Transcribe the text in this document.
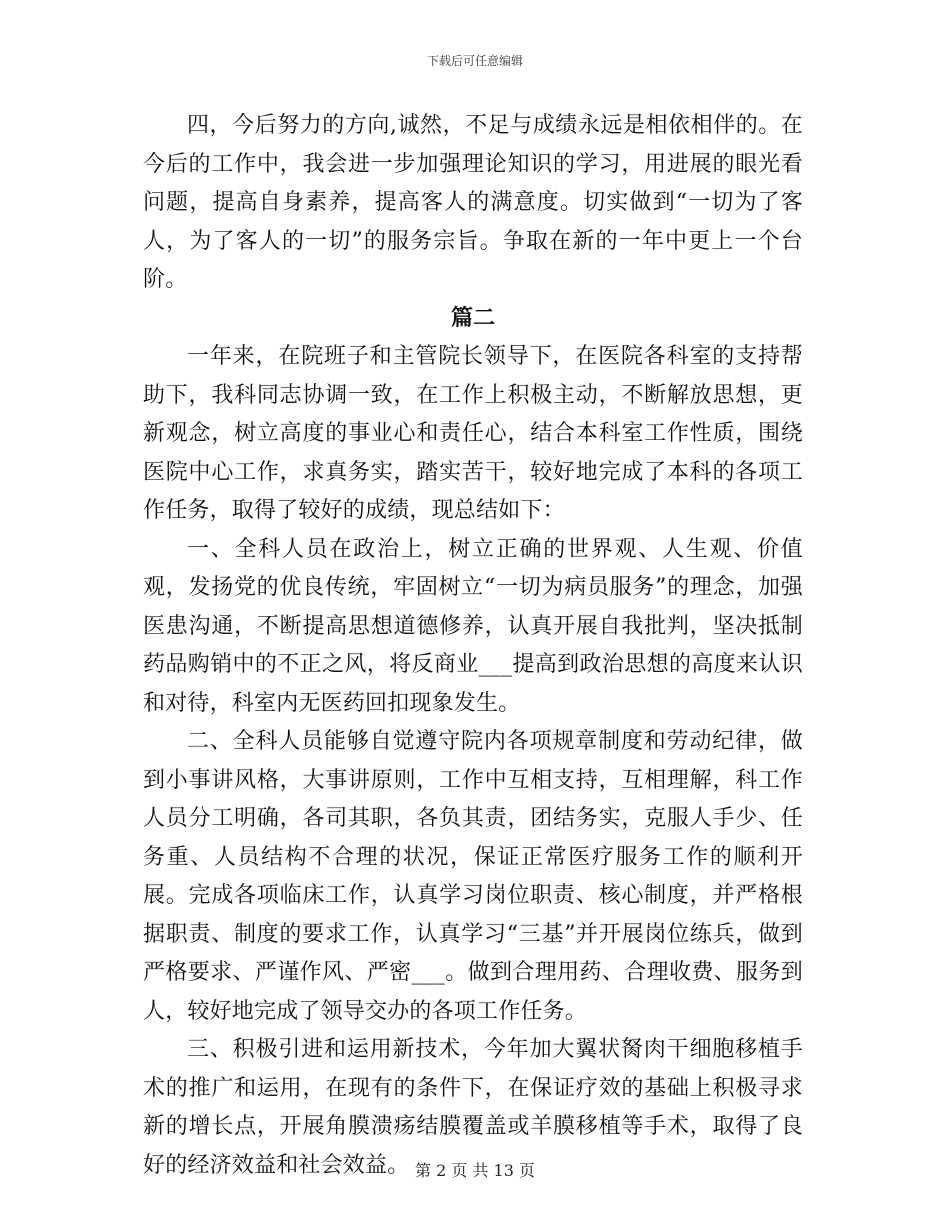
下载后可任意编辑

四，今后努力的方向,诚然，不足与成绩永远是相依相伴的。在今后的工作中，我会进一步加强理论知识的学习，用进展的眼光看问题，提高自身素养，提高客人的满意度。切实做到“一切为了客人，为了客人的一切”的服务宗旨。争取在新的一年中更上一个台阶。

篇二

一年来，在院班子和主管院长领导下，在医院各科室的支持帮助下，我科同志协调一致，在工作上积极主动，不断解放思想，更新观念，树立高度的事业心和责任心，结合本科室工作性质，围绕医院中心工作，求真务实，踏实苦干，较好地完成了本科的各项工作任务，取得了较好的成绩，现总结如下：

一、全科人员在政治上，树立正确的世界观、人生观、价值观，发扬党的优良传统，牢固树立“一切为病员服务”的理念，加强医患沟通，不断提高思想道德修养，认真开展自我批判，坚决抵制药品购销中的不正之风，将反商业___提高到政治思想的高度来认识和对待，科室内无医药回扣现象发生。

二、全科人员能够自觉遵守院内各项规章制度和劳动纪律，做到小事讲风格，大事讲原则，工作中互相支持，互相理解，科工作人员分工明确，各司其职，各负其责，团结务实，克服人手少、任务重、人员结构不合理的状况，保证正常医疗服务工作的顺利开展。完成各项临床工作，认真学习岗位职责、核心制度，并严格根据职责、制度的要求工作，认真学习“三基”并开展岗位练兵，做到严格要求、严谨作风、严密___。做到合理用药、合理收费、服务到人，较好地完成了领导交办的各项工作任务。

三、积极引进和运用新技术，今年加大翼状胬肉干细胞移植手术的推广和运用，在现有的条件下，在保证疗效的基础上积极寻求新的增长点，开展角膜溃疡结膜覆盖或羊膜移植等手术，取得了良好的经济效益和社会效益。 第 2 页 共 13 页
